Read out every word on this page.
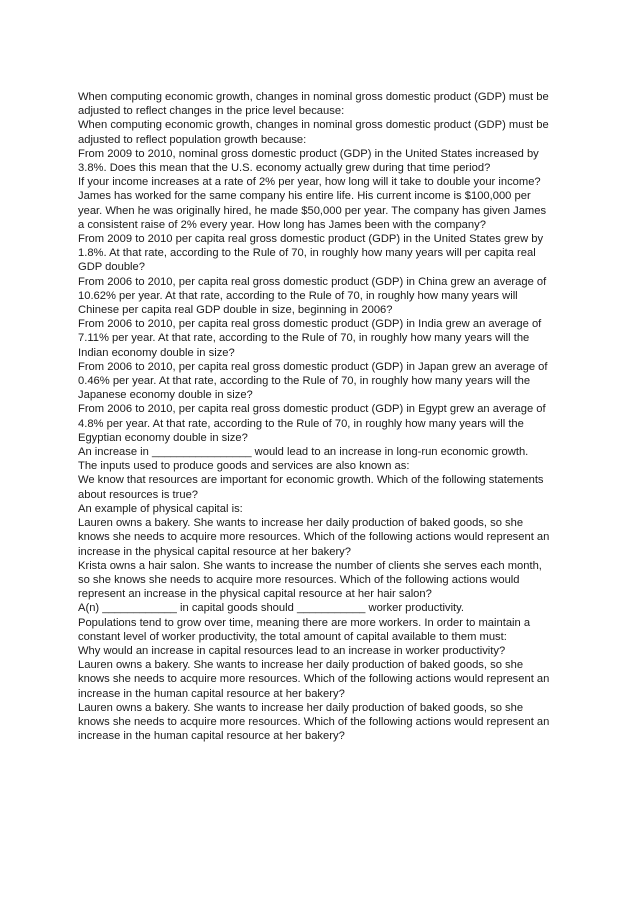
When computing economic growth, changes in nominal gross domestic product (GDP) must be adjusted to reflect changes in the price level because:

When computing economic growth, changes in nominal gross domestic product (GDP) must be adjusted to reflect population growth because:

From 2009 to 2010, nominal gross domestic product (GDP) in the United States increased by 3.8%. Does this mean that the U.S. economy actually grew during that time period?

If your income increases at a rate of 2% per year, how long will it take to double your income?

James has worked for the same company his entire life. His current income is $100,000 per year. When he was originally hired, he made $50,000 per year. The company has given James a consistent raise of 2% every year. How long has James been with the company?

From 2009 to 2010 per capita real gross domestic product (GDP) in the United States grew by 1.8%. At that rate, according to the Rule of 70, in roughly how many years will per capita real GDP double?

From 2006 to 2010, per capita real gross domestic product (GDP) in China grew an average of 10.62% per year. At that rate, according to the Rule of 70, in roughly how many years will Chinese per capita real GDP double in size, beginning in 2006?

From 2006 to 2010, per capita real gross domestic product (GDP) in India grew an average of 7.11% per year. At that rate, according to the Rule of 70, in roughly how many years will the Indian economy double in size?

From 2006 to 2010, per capita real gross domestic product (GDP) in Japan grew an average of 0.46% per year. At that rate, according to the Rule of 70, in roughly how many years will the Japanese economy double in size?

From 2006 to 2010, per capita real gross domestic product (GDP) in Egypt grew an average of 4.8% per year. At that rate, according to the Rule of 70, in roughly how many years will the Egyptian economy double in size?

An increase in ________________ would lead to an increase in long-run economic growth.

The inputs used to produce goods and services are also known as:

We know that resources are important for economic growth. Which of the following statements about resources is true?

An example of physical capital is:

Lauren owns a bakery. She wants to increase her daily production of baked goods, so she knows she needs to acquire more resources. Which of the following actions would represent an increase in the physical capital resource at her bakery?

Krista owns a hair salon. She wants to increase the number of clients she serves each month, so she knows she needs to acquire more resources. Which of the following actions would represent an increase in the physical capital resource at her hair salon?

A(n) ____________ in capital goods should ___________ worker productivity.

Populations tend to grow over time, meaning there are more workers. In order to maintain a constant level of worker productivity, the total amount of capital available to them must:

Why would an increase in capital resources lead to an increase in worker productivity?

Lauren owns a bakery. She wants to increase her daily production of baked goods, so she knows she needs to acquire more resources. Which of the following actions would represent an increase in the human capital resource at her bakery?

Lauren owns a bakery. She wants to increase her daily production of baked goods, so she knows she needs to acquire more resources. Which of the following actions would represent an increase in the human capital resource at her bakery?
